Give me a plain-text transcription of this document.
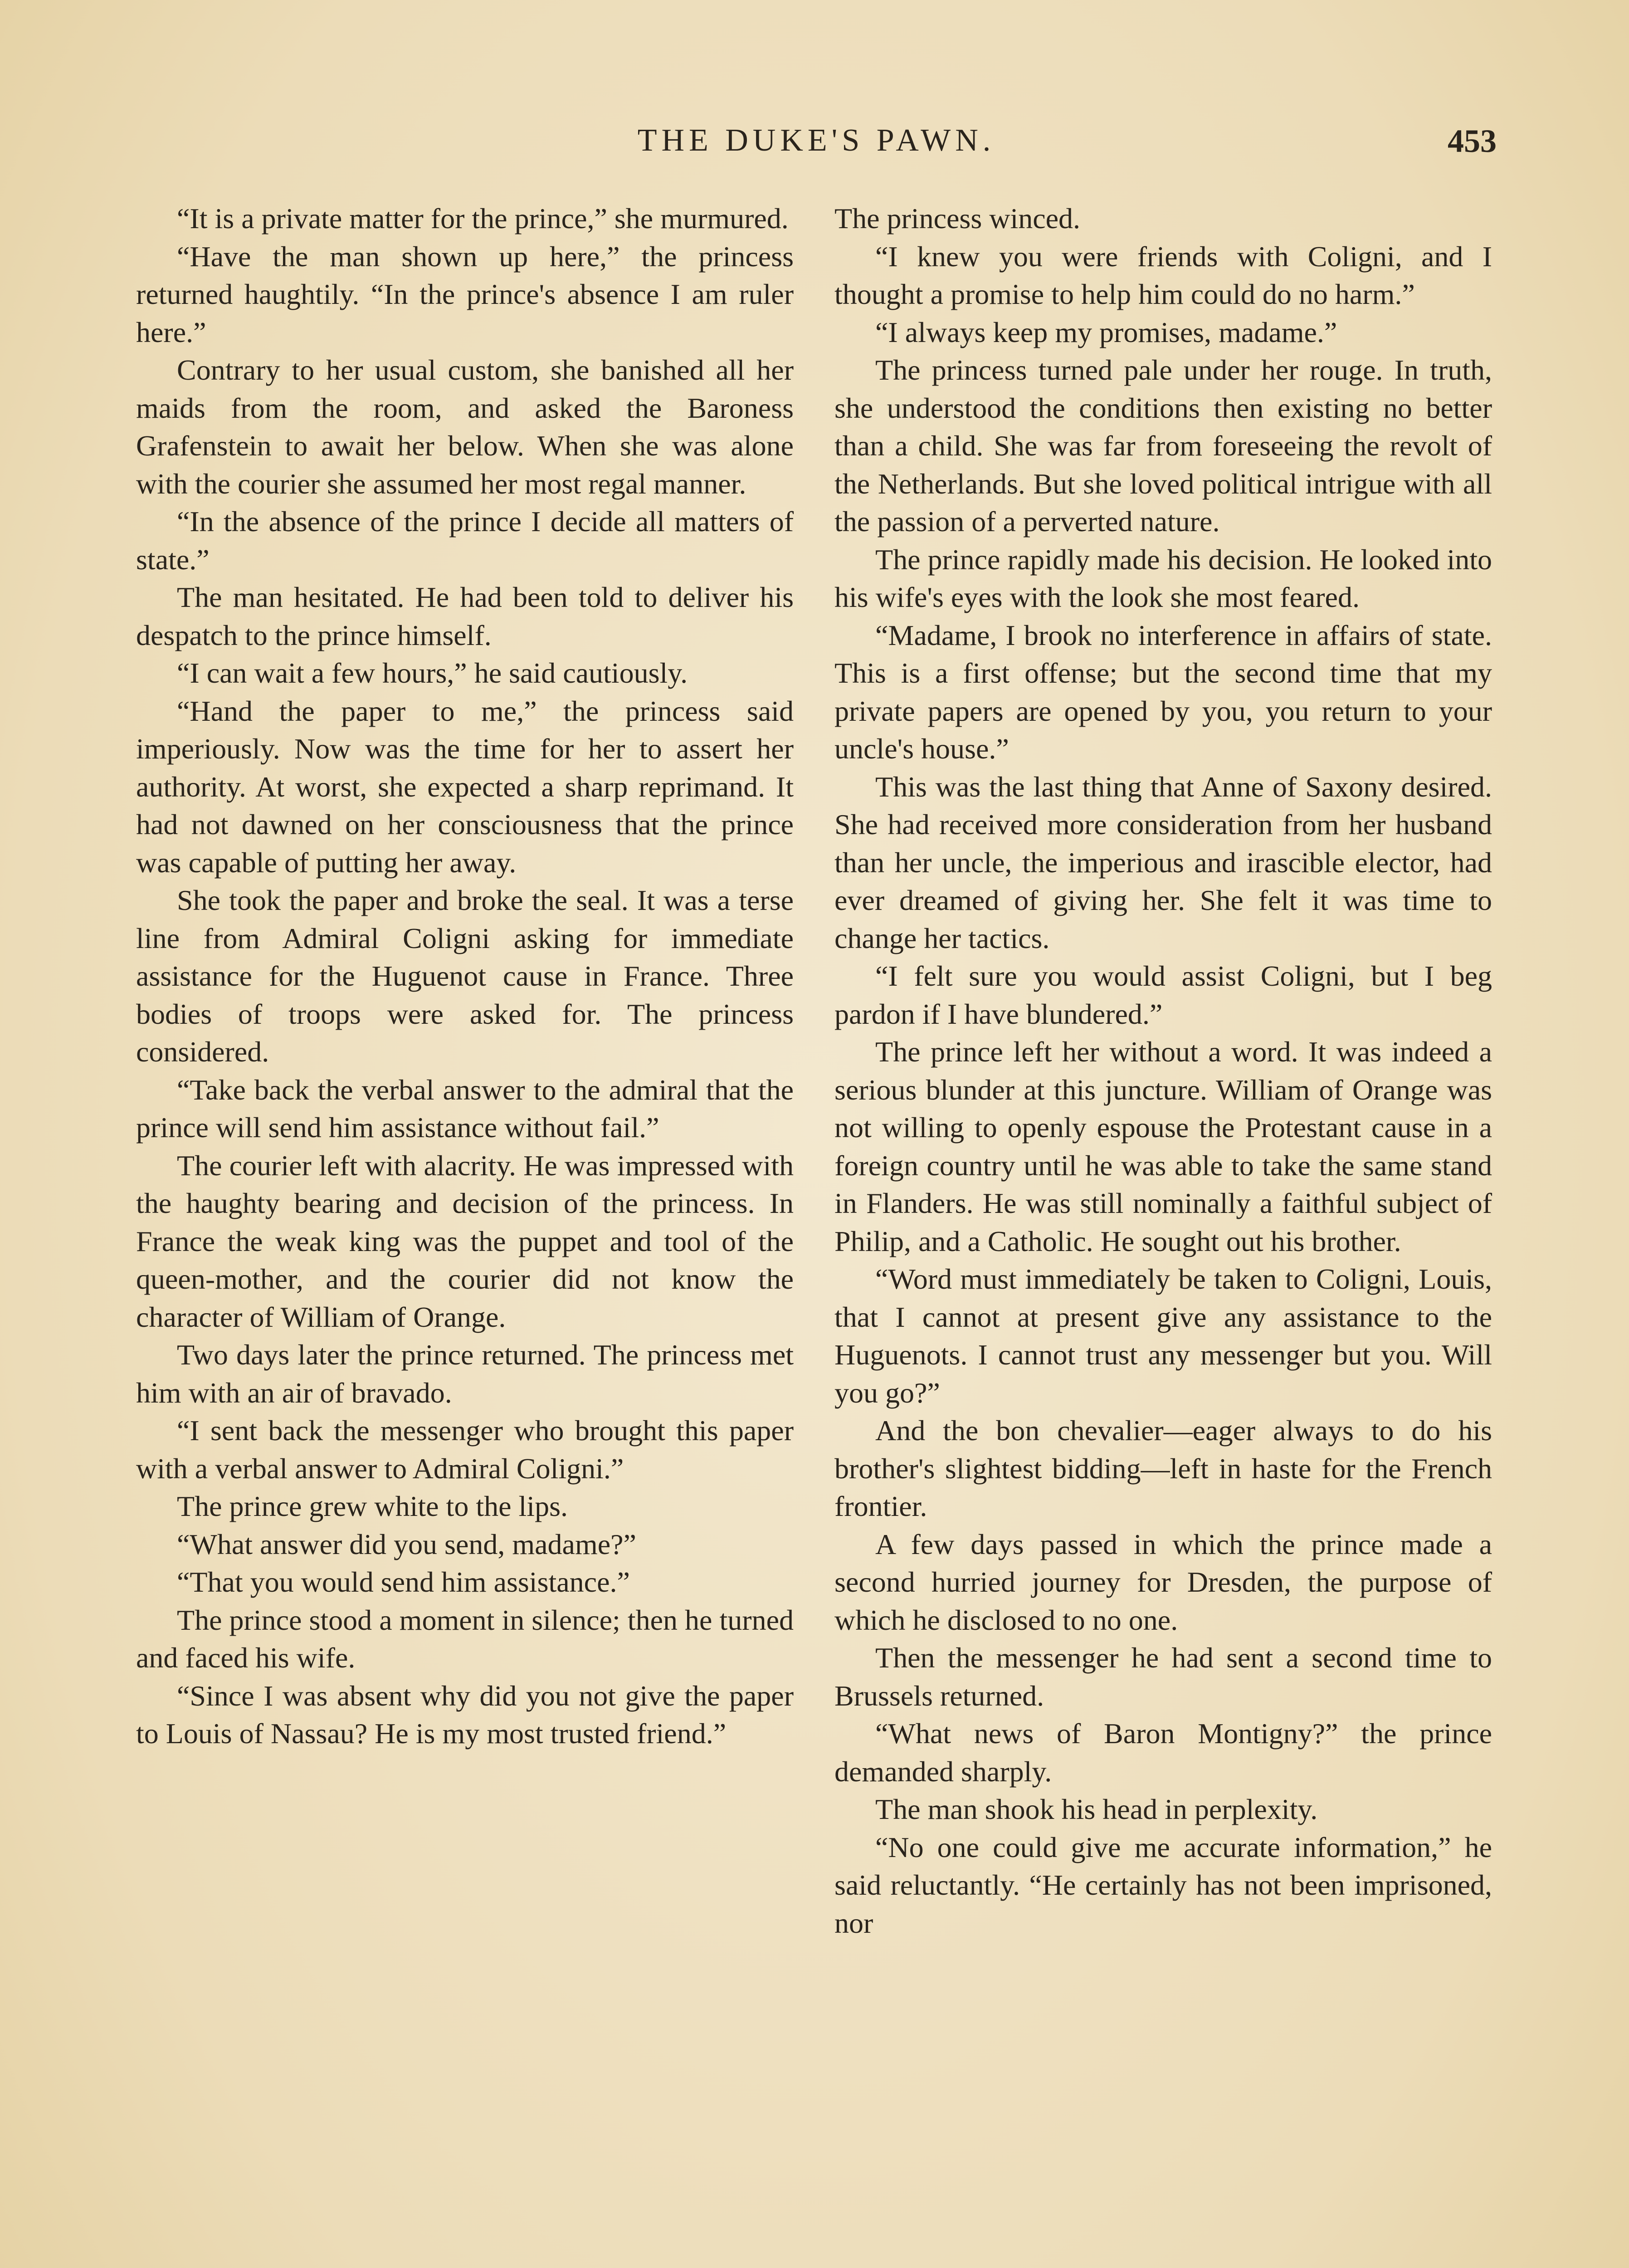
THE DUKE'S PAWN.	453

“It is a private matter for the prince,” she murmured.

“Have the man shown up here,” the princess returned haughtily. “In the prince's absence I am ruler here.”

Contrary to her usual custom, she banished all her maids from the room, and asked the Baroness Grafenstein to await her below. When she was alone with the courier she assumed her most regal manner.

“In the absence of the prince I decide all matters of state.”

The man hesitated. He had been told to deliver his despatch to the prince himself.

“I can wait a few hours,” he said cautiously.

“Hand the paper to me,” the princess said imperiously. Now was the time for her to assert her authority. At worst, she expected a sharp reprimand. It had not dawned on her consciousness that the prince was capable of putting her away.

She took the paper and broke the seal. It was a terse line from Admiral Coligni asking for immediate assistance for the Huguenot cause in France. Three bodies of troops were asked for. The princess considered.

“Take back the verbal answer to the admiral that the prince will send him assistance without fail.”

The courier left with alacrity. He was impressed with the haughty bearing and decision of the princess. In France the weak king was the puppet and tool of the queen-mother, and the courier did not know the character of William of Orange.

Two days later the prince returned. The princess met him with an air of bravado.

“I sent back the messenger who brought this paper with a verbal answer to Admiral Coligni.”

The prince grew white to the lips.

“What answer did you send, madame?”

“That you would send him assistance.”

The prince stood a moment in silence; then he turned and faced his wife.

“Since I was absent why did you not give the paper to Louis of Nassau? He is my most trusted friend.”

The princess winced.

“I knew you were friends with Coligni, and I thought a promise to help him could do no harm.”

“I always keep my promises, madame.”

The princess turned pale under her rouge. In truth, she understood the conditions then existing no better than a child. She was far from foreseeing the revolt of the Netherlands. But she loved political intrigue with all the passion of a perverted nature.

The prince rapidly made his decision. He looked into his wife's eyes with the look she most feared.

“Madame, I brook no interference in affairs of state. This is a first offense; but the second time that my private papers are opened by you, you return to your uncle's house.”

This was the last thing that Anne of Saxony desired. She had received more consideration from her husband than her uncle, the imperious and irascible elector, had ever dreamed of giving her. She felt it was time to change her tactics.

“I felt sure you would assist Coligni, but I beg pardon if I have blundered.”

The prince left her without a word. It was indeed a serious blunder at this juncture. William of Orange was not willing to openly espouse the Protestant cause in a foreign country until he was able to take the same stand in Flanders. He was still nominally a faithful subject of Philip, and a Catholic. He sought out his brother.

“Word must immediately be taken to Coligni, Louis, that I cannot at present give any assistance to the Huguenots. I cannot trust any messenger but you. Will you go?”

And the bon chevalier—eager always to do his brother's slightest bidding—left in haste for the French frontier.

A few days passed in which the prince made a second hurried journey for Dresden, the purpose of which he disclosed to no one.

Then the messenger he had sent a second time to Brussels returned.

“What news of Baron Montigny?” the prince demanded sharply.

The man shook his head in perplexity.

“No one could give me accurate information,” he said reluctantly. “He certainly has not been imprisoned, nor
